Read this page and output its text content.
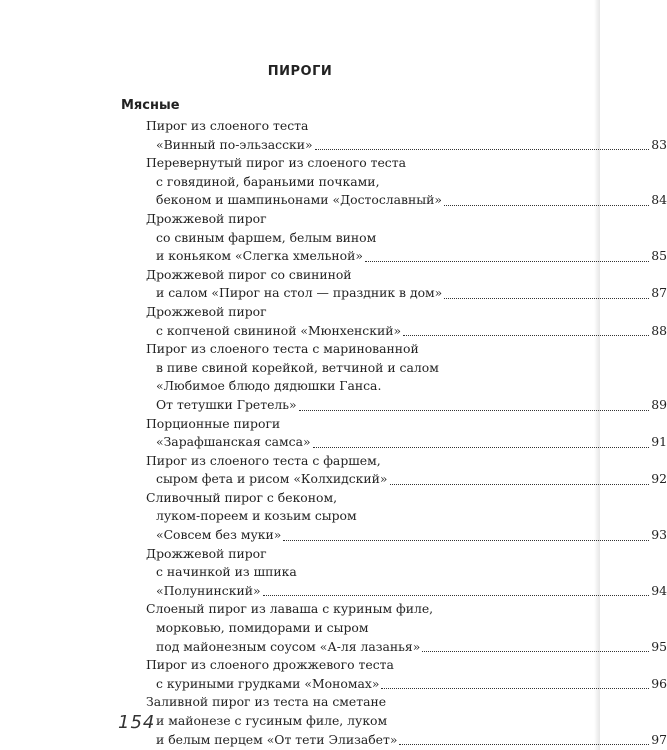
ПИРОГИ
Мясные
Пирог из слоеного теста
«Винный по-эльзасски»	83
Перевернутый пирог из слоеного теста
с говядиной, бараньими почками,
беконом и шампиньонами «Достославный»	84
Дрожжевой пирог
со свиным фаршем, белым вином
и коньяком «Слегка хмельной»	85
Дрожжевой пирог со свининой
и салом «Пирог на стол — праздник в дом»	87
Дрожжевой пирог
с копченой свининой «Мюнхенский»	88
Пирог из слоеного теста с маринованной
в пиве свиной корейкой, ветчиной и салом
«Любимое блюдо дядюшки Ганса.
От тетушки Гретель»	89
Порционные пироги
«Зарафшанская самса»	91
Пирог из слоеного теста с фаршем,
сыром фета и рисом «Колхидский»	92
Сливочный пирог с беконом,
луком-пореем и козьим сыром
«Совсем без муки»	93
Дрожжевой пирог
с начинкой из шпика
«Полунинский»	94
Слоеный пирог из лаваша с куриным филе,
морковью, помидорами и сыром
под майонезным соусом «А-ля лазанья»	95
Пирог из слоеного дрожжевого теста
с куриными грудками «Мономах»	96
Заливной пирог из теста на сметане
и майонезе с гусиным филе, луком
и белым перцем «От тети Элизабет»	97
154
